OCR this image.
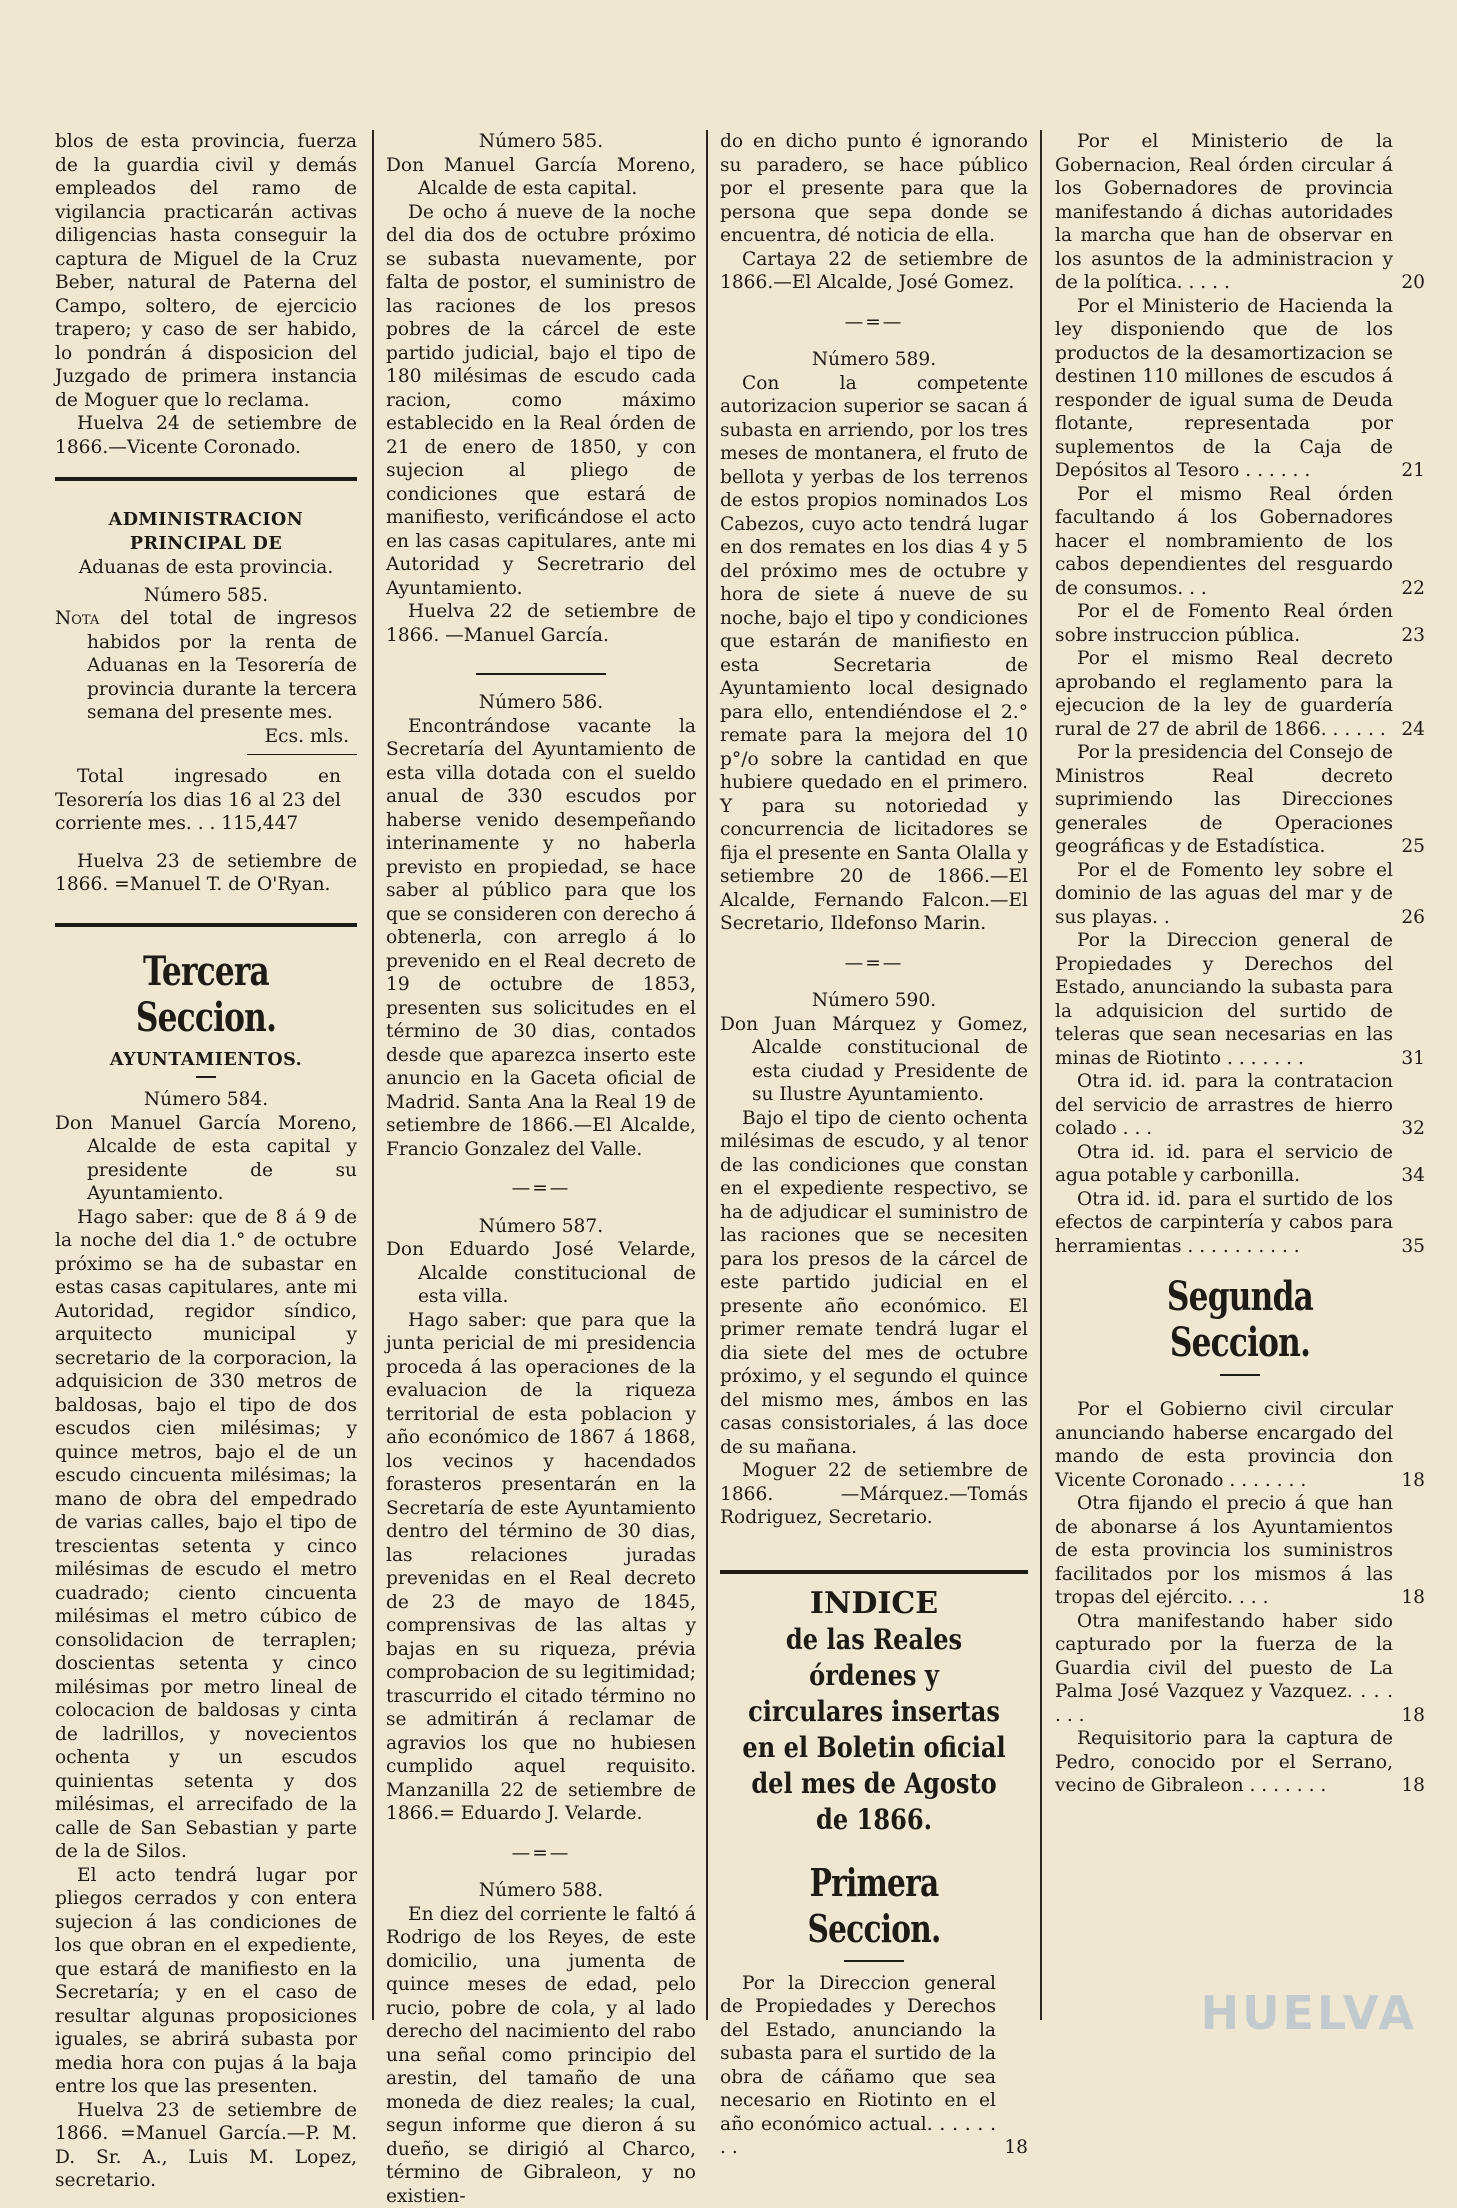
blos de esta provincia, fuerza de la guardia civil y demás empleados del ramo de vigilancia practicarán activas diligencias hasta conseguir la captura de Miguel de la Cruz Beber, natural de Paterna del Campo, soltero, de ejercicio trapero; y caso de ser habido, lo pondrán á disposicion del Juzgado de primera instancia de Moguer que lo reclama.

Huelva 24 de setiembre de 1866.—Vicente Coronado.

ADMINISTRACION PRINCIPAL DE

Aduanas de esta provincia.

Número 585.

Nota del total de ingresos habidos por la renta de Aduanas en la Tesorería de provincia durante la tercera semana del presente mes.

Ecs. mls.

Total ingresado en Tesorería los dias 16 al 23 del corriente mes. . . 115,447

Huelva 23 de setiembre de 1866. =Manuel T. de O'Ryan.

Tercera Seccion.

AYUNTAMIENTOS.

Número 584.

Don Manuel García Moreno, Alcalde de esta capital y presidente de su Ayuntamiento.

Hago saber: que de 8 á 9 de la noche del dia 1.° de octubre próximo se ha de subastar en estas casas capitulares, ante mi Autoridad, regidor síndico, arquitecto municipal y secretario de la corporacion, la adquisicion de 330 metros de baldosas, bajo el tipo de dos escudos cien milésimas; y quince metros, bajo el de un escudo cincuenta milésimas; la mano de obra del empedrado de varias calles, bajo el tipo de trescientas setenta y cinco milésimas de escudo el metro cuadrado; ciento cincuenta milésimas el metro cúbico de consolidacion de terraplen; doscientas setenta y cinco milésimas por metro lineal de colocacion de baldosas y cinta de ladrillos, y novecientos ochenta y un escudos quinientas setenta y dos milésimas, el arrecifado de la calle de San Sebastian y parte de la de Silos.

El acto tendrá lugar por pliegos cerrados y con entera sujecion á las condiciones de los que obran en el expediente, que estará de manifiesto en la Secretaría; y en el caso de resultar algunas proposiciones iguales, se abrirá subasta por media hora con pujas á la baja entre los que las presenten.

Huelva 23 de setiembre de 1866. =Manuel García.—P. M. D. Sr. A., Luis M. Lopez, secretario.

Número 585.

Don Manuel García Moreno, Alcalde de esta capital.

De ocho á nueve de la noche del dia dos de octubre próximo se subasta nuevamente, por falta de postor, el suministro de las raciones de los presos pobres de la cárcel de este partido judicial, bajo el tipo de 180 milésimas de escudo cada racion, como máximo establecido en la Real órden de 21 de enero de 1850, y con sujecion al pliego de condiciones que estará de manifiesto, verificándose el acto en las casas capitulares, ante mi Autoridad y Secretrario del Ayuntamiento.

Huelva 22 de setiembre de 1866. —Manuel García.

Número 586.

Encontrándose vacante la Secretaría del Ayuntamiento de esta villa dotada con el sueldo anual de 330 escudos por haberse venido desempeñando interinamente y no haberla previsto en propiedad, se hace saber al público para que los que se consideren con derecho á obtenerla, con arreglo á lo prevenido en el Real decreto de 19 de octubre de 1853, presenten sus solicitudes en el término de 30 dias, contados desde que aparezca inserto este anuncio en la Gaceta oficial de Madrid. Santa Ana la Real 19 de setiembre de 1866.—El Alcalde, Francio Gonzalez del Valle.

—=—

Número 587.

Don Eduardo José Velarde, Alcalde constitucional de esta villa.

Hago saber: que para que la junta pericial de mi presidencia proceda á las operaciones de la evaluacion de la riqueza territorial de esta poblacion y año económico de 1867 á 1868, los vecinos y hacendados forasteros presentarán en la Secretaría de este Ayuntamiento dentro del término de 30 dias, las relaciones juradas prevenidas en el Real decreto de 23 de mayo de 1845, comprensivas de las altas y bajas en su riqueza, prévia comprobacion de su legitimidad; trascurrido el citado término no se admitirán á reclamar de agravios los que no hubiesen cumplido aquel requisito. Manzanilla 22 de setiembre de 1866.= Eduardo J. Velarde.

—=—

Número 588.

En diez del corriente le faltó á Rodrigo de los Reyes, de este domicilio, una jumenta de quince meses de edad, pelo rucio, pobre de cola, y al lado derecho del nacimiento del rabo una señal como principio del arestin, del tamaño de una moneda de diez reales; la cual, segun informe que dieron á su dueño, se dirigió al Charco, término de Gibraleon, y no existien-

do en dicho punto é ignorando su paradero, se hace público por el presente para que la persona que sepa donde se encuentra, dé noticia de ella.

Cartaya 22 de setiembre de 1866.—El Alcalde, José Gomez.

—=—

Número 589.

Con la competente autorizacion superior se sacan á subasta en arriendo, por los tres meses de montanera, el fruto de bellota y yerbas de los terrenos de estos propios nominados Los Cabezos, cuyo acto tendrá lugar en dos remates en los dias 4 y 5 del próximo mes de octubre y hora de siete á nueve de su noche, bajo el tipo y condiciones que estarán de manifiesto en esta Secretaria de Ayuntamiento local designado para ello, entendiéndose el 2.° remate para la mejora del 10 p°/o sobre la cantidad en que hubiere quedado en el primero. Y para su notoriedad y concurrencia de licitadores se fija el presente en Santa Olalla y setiembre 20 de 1866.—El Alcalde, Fernando Falcon.—El Secretario, Ildefonso Marin.

—=—

Número 590.

Don Juan Márquez y Gomez, Alcalde constitucional de esta ciudad y Presidente de su Ilustre Ayuntamiento.

Bajo el tipo de ciento ochenta milésimas de escudo, y al tenor de las condiciones que constan en el expediente respectivo, se ha de adjudicar el suministro de las raciones que se necesiten para los presos de la cárcel de este partido judicial en el presente año económico. El primer remate tendrá lugar el dia siete del mes de octubre próximo, y el segundo el quince del mismo mes, ámbos en las casas consistoriales, á las doce de su mañana.

Moguer 22 de setiembre de 1866. —Márquez.—Tomás Rodriguez, Secretario.

INDICE

de las Reales órdenes y circulares insertas en el Boletin oficial del mes de Agosto de 1866.

Primera Seccion.

Por la Direccion general de Propiedades y Derechos del Estado, anunciando la subasta para el surtido de la obra de cáñamo que sea necesario en Riotinto en el año económico actual. . . . . . . .	18

Por el Ministerio de la Gobernacion, Real órden circular á los Gobernadores de provincia manifestando á dichas autoridades la marcha que han de observar en los asuntos de la administracion y de la política. . . . .	20

Por el Ministerio de Hacienda la ley disponiendo que de los productos de la desamortizacion se destinen 110 millones de escudos á responder de igual suma de Deuda flotante, representada por suplementos de la Caja de Depósitos al Tesoro . . . . . .	21

Por el mismo Real órden facultando á los Gobernadores hacer el nombramiento de los cabos dependientes del resguardo de consumos. . .	22

Por el de Fomento Real órden sobre instruccion pública.	23

Por el mismo Real decreto aprobando el reglamento para la ejecucion de la ley de guardería rural de 27 de abril de 1866. . . . . . 24

Por la presidencia del Consejo de Ministros Real decreto suprimiendo las Direcciones generales de Operaciones geográficas y de Estadística.	25

Por el de Fomento ley sobre el dominio de las aguas del mar y de sus playas. .	26

Por la Direccion general de Propiedades y Derechos del Estado, anunciando la subasta para la adquisicion del surtido de teleras que sean necesarias en las minas de Riotinto . . . . . . .	31

Otra id. id. para la contratacion del servicio de arrastres de hierro colado . . .	32

Otra id. id. para el servicio de agua potable y carbonilla.	34

Otra id. id. para el surtido de los efectos de carpintería y cabos para herramientas . . . . . . . . . .	35
Segunda Seccion.

Por el Gobierno civil circular anunciando haberse encargado del mando de esta provincia don Vicente Coronado . . . . . . .	18

Otra fijando el precio á que han de abonarse á los Ayuntamientos de esta provincia los suministros facilitados por los mismos á las tropas del ejército. . . .	18

Otra manifestando haber sido capturado por la fuerza de la Guardia civil del puesto de La Palma José Vazquez y Vazquez. . . . . . .	18

Requisitorio para la captura de Pedro, conocido por el Serrano, vecino de Gibraleon . . . . . . .	18
HUELVA
